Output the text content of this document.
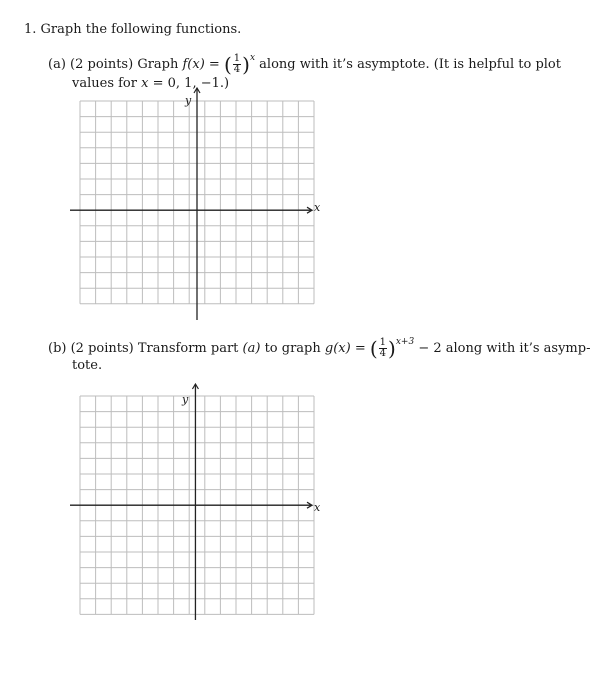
1. Graph the following functions.
(a) (2 points) Graph f(x) = ( $\frac{1}{4} )^x$ along with it’s asymptote. (It is helpful to plot
values for x = 0, 1, −1.)
y
x
(b) (2 points) Transform part (a) to graph g(x) = ( $\frac{1}{4} )^{x+3} - 2$ along with it’s asymp-
tote.
y
x
